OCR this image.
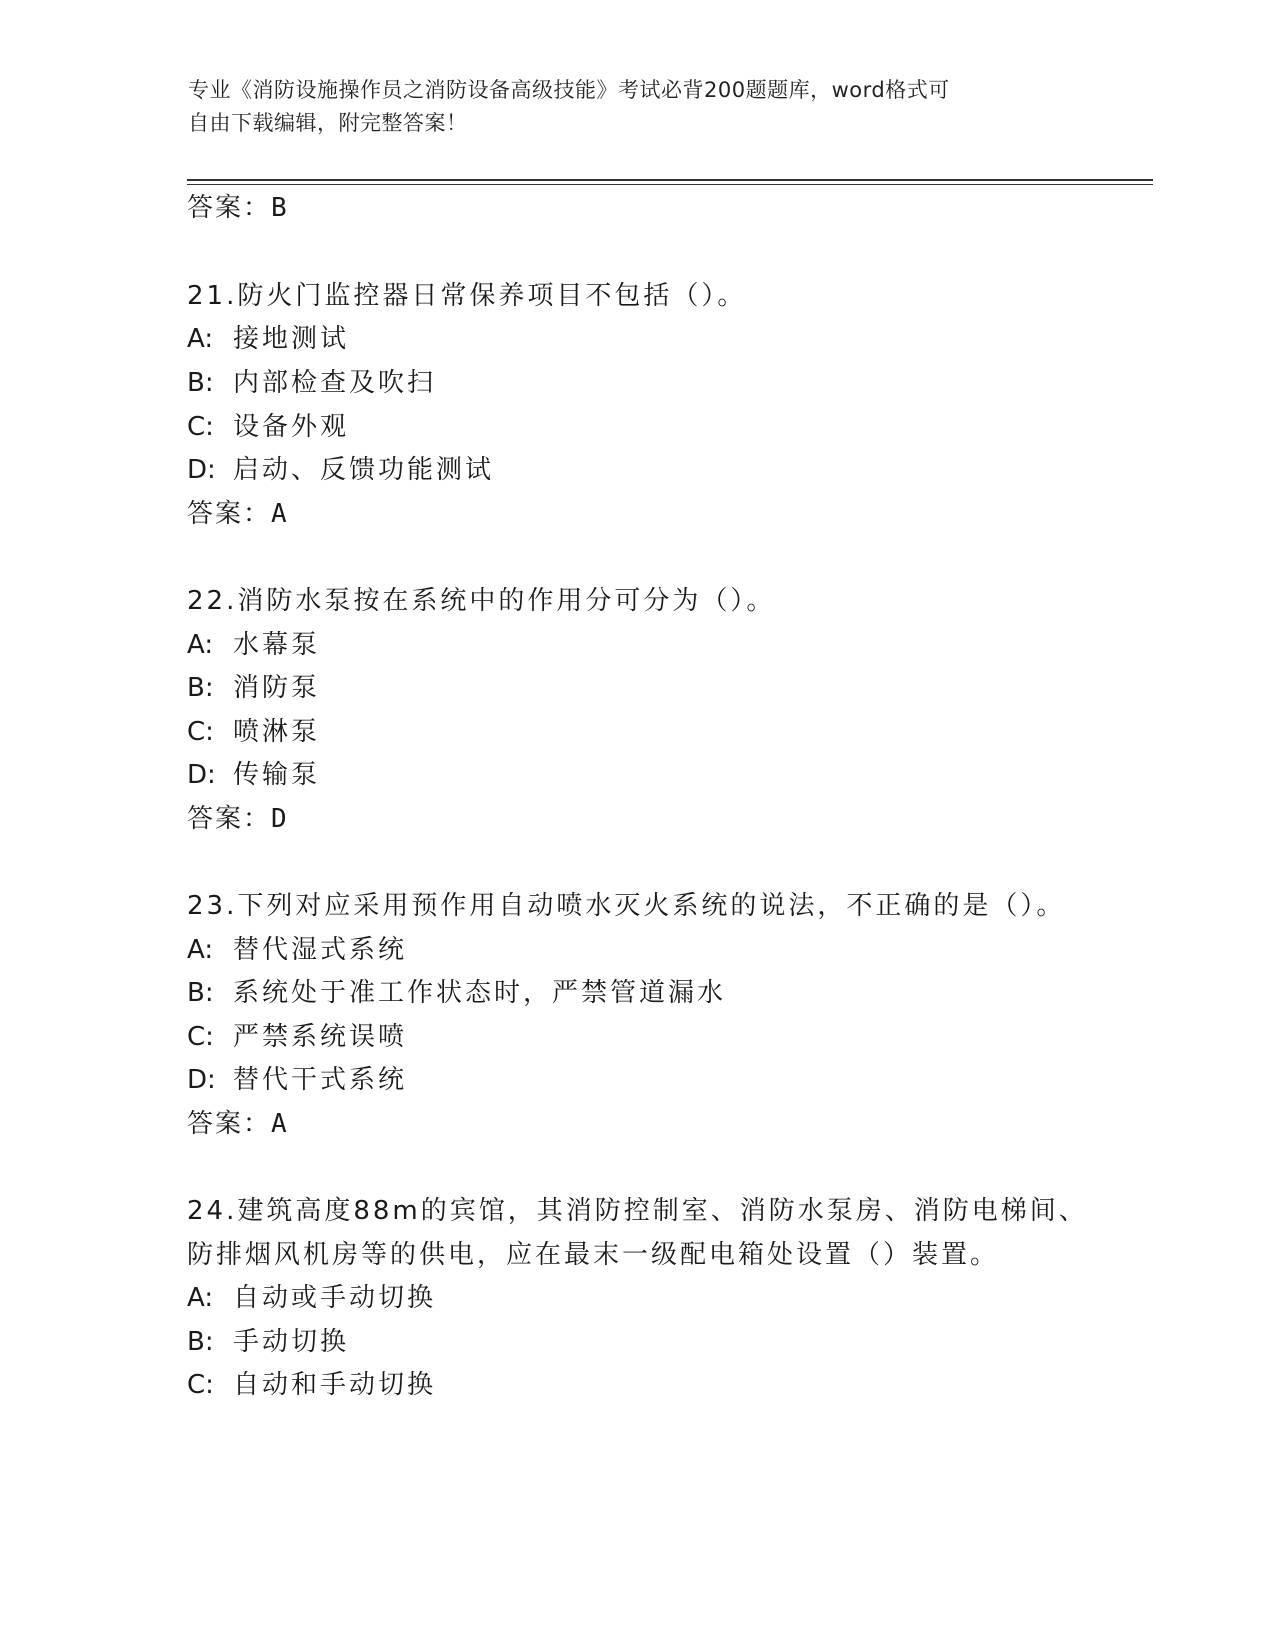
专业《消防设施操作员之消防设备高级技能》考试必背200题题库，word格式可
自由下载编辑，附完整答案！
答案：B
21.防火门监控器日常保养项目不包括（）。
A: 接地测试
B: 内部检查及吹扫
C: 设备外观
D: 启动、反馈功能测试
答案：A
22.消防水泵按在系统中的作用分可分为（）。
A: 水幕泵
B: 消防泵
C: 喷淋泵
D: 传输泵
答案：D
23.下列对应采用预作用自动喷水灭火系统的说法，不正确的是（）。
A: 替代湿式系统
B: 系统处于准工作状态时，严禁管道漏水
C: 严禁系统误喷
D: 替代干式系统
答案：A
24.建筑高度88m的宾馆，其消防控制室、消防水泵房、消防电梯间、
防排烟风机房等的供电，应在最末一级配电箱处设置（）装置。
A: 自动或手动切换
B: 手动切换
C: 自动和手动切换
